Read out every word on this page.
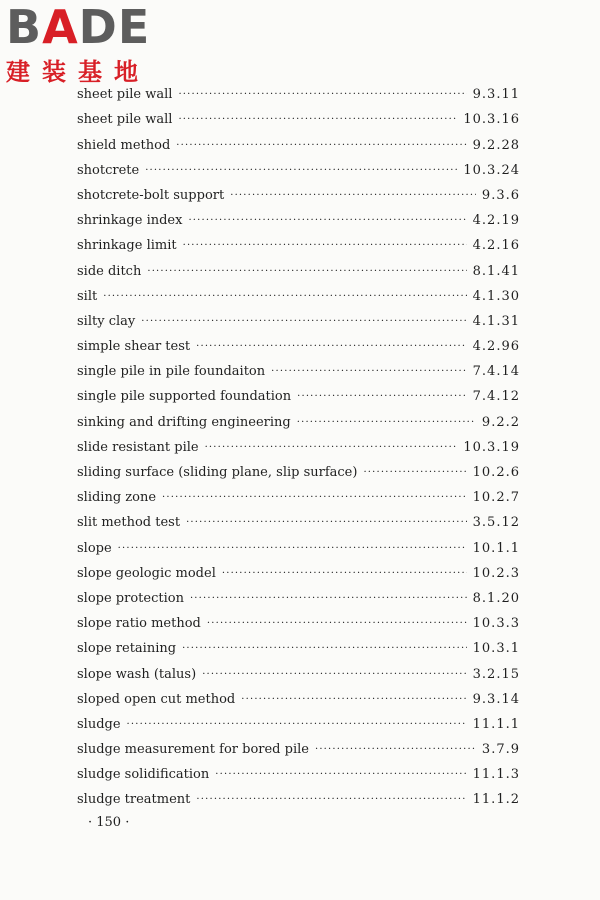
BADE
建装基地
sheet pile wall · · ·	9.3.11
sheet pile wall · · ·	10.3.16
shield method · · ·	9.2.28
shotcrete · · ·	10.3.24
shotcrete-bolt support · · ·	9.3.6
shrinkage index · · ·	4.2.19
shrinkage limit · · ·	4.2.16
side ditch · · ·	8.1.41
silt · · ·	4.1.30
silty clay · · ·	4.1.31
simple shear test · · ·	4.2.96
single pile in pile foundaiton · · ·	7.4.14
single pile supported foundation · · ·	7.4.12
sinking and drifting engineering · · ·	9.2.2
slide resistant pile · · ·	10.3.19
sliding surface (sliding plane, slip surface) · · ·	10.2.6
sliding zone · · ·	10.2.7
slit method test · · ·	3.5.12
slope · · ·	10.1.1
slope geologic model · · ·	10.2.3
slope protection · · ·	8.1.20
slope ratio method · · ·	10.3.3
slope retaining · · ·	10.3.1
slope wash (talus) · · ·	3.2.15
sloped open cut method · · ·	9.3.14
sludge · · ·	11.1.1
sludge measurement for bored pile · · ·	3.7.9
sludge solidification · · ·	11.1.3
sludge treatment · · ·	11.1.2
· 150 ·
